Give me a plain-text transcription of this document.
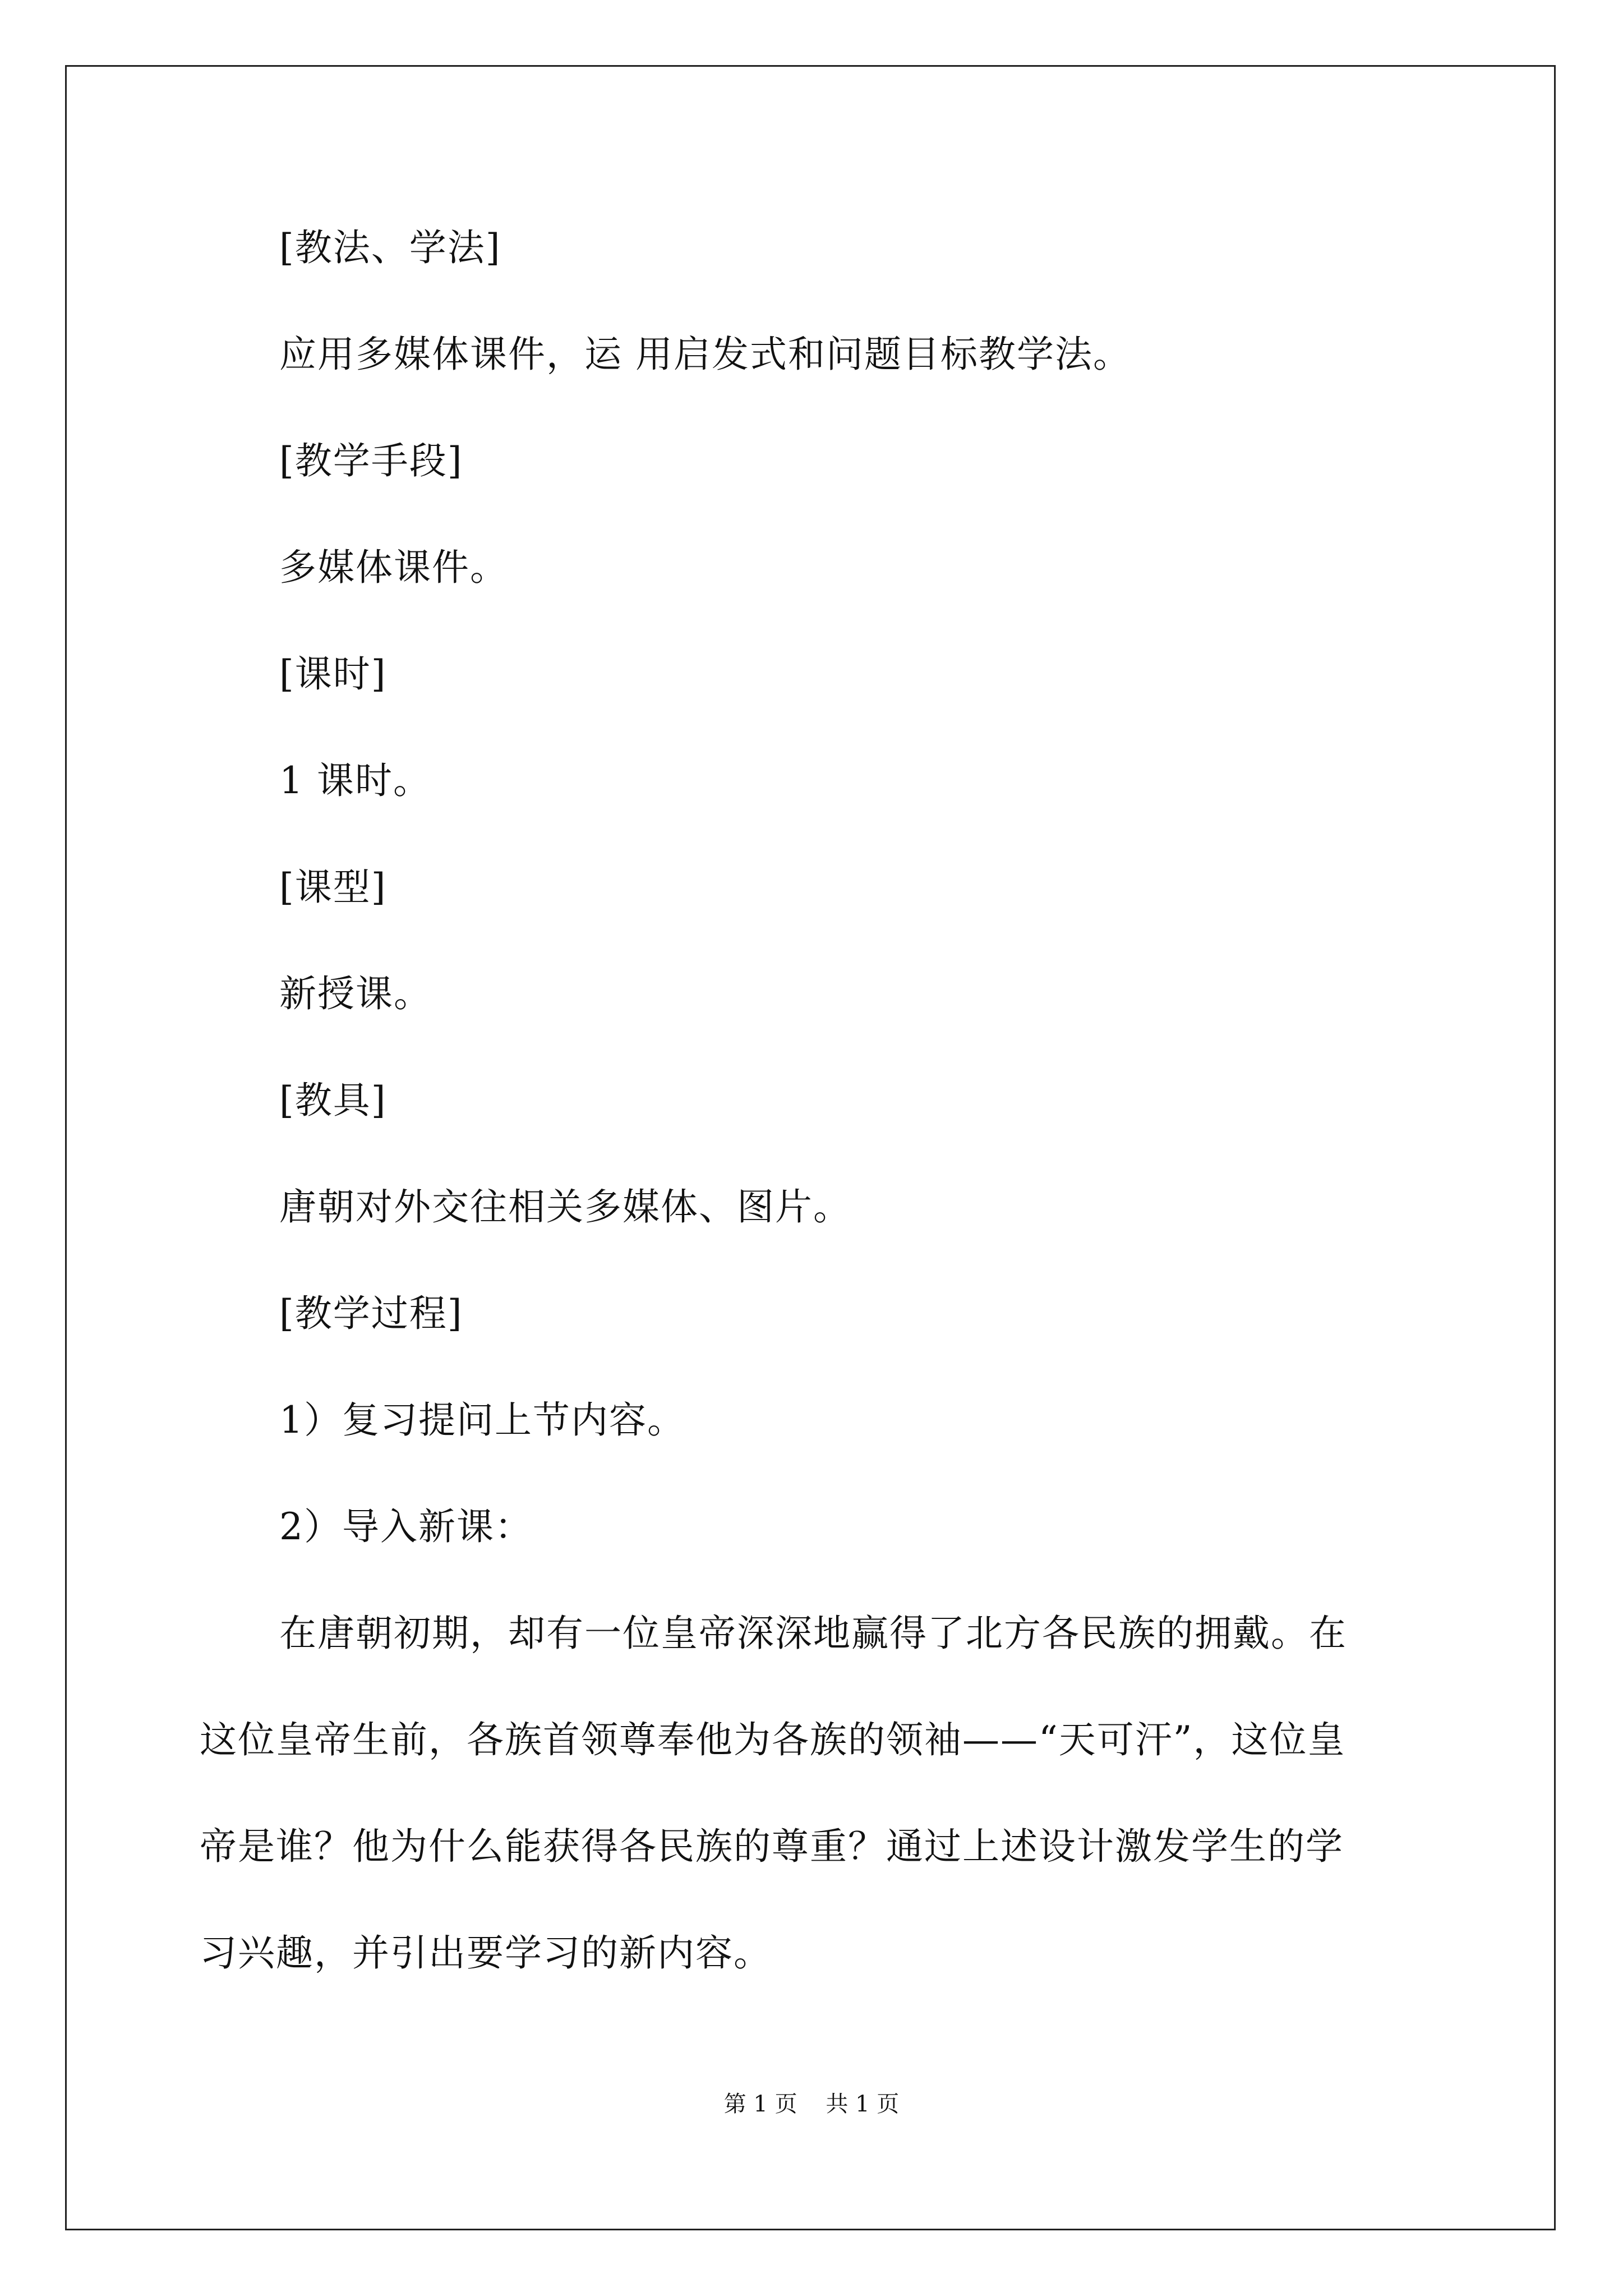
[教法、学法]
应用多媒体课件，运 用启发式和问题目标教学法。
[教学手段]
多媒体课件。
[课时]
1 课时。
[课型]
新授课。
[教具]
唐朝对外交往相关多媒体、图片。
[教学过程]
1）复习提问上节内容。
2）导入新课：
在唐朝初期，却有一位皇帝深深地赢得了北方各民族的拥戴。在
这位皇帝生前，各族首领尊奉他为各族的领袖——“天可汗”，这位皇
帝是谁？他为什么能获得各民族的尊重？通过上述设计激发学生的学
习兴趣，并引出要学习的新内容。
第 1 页    共 1 页
